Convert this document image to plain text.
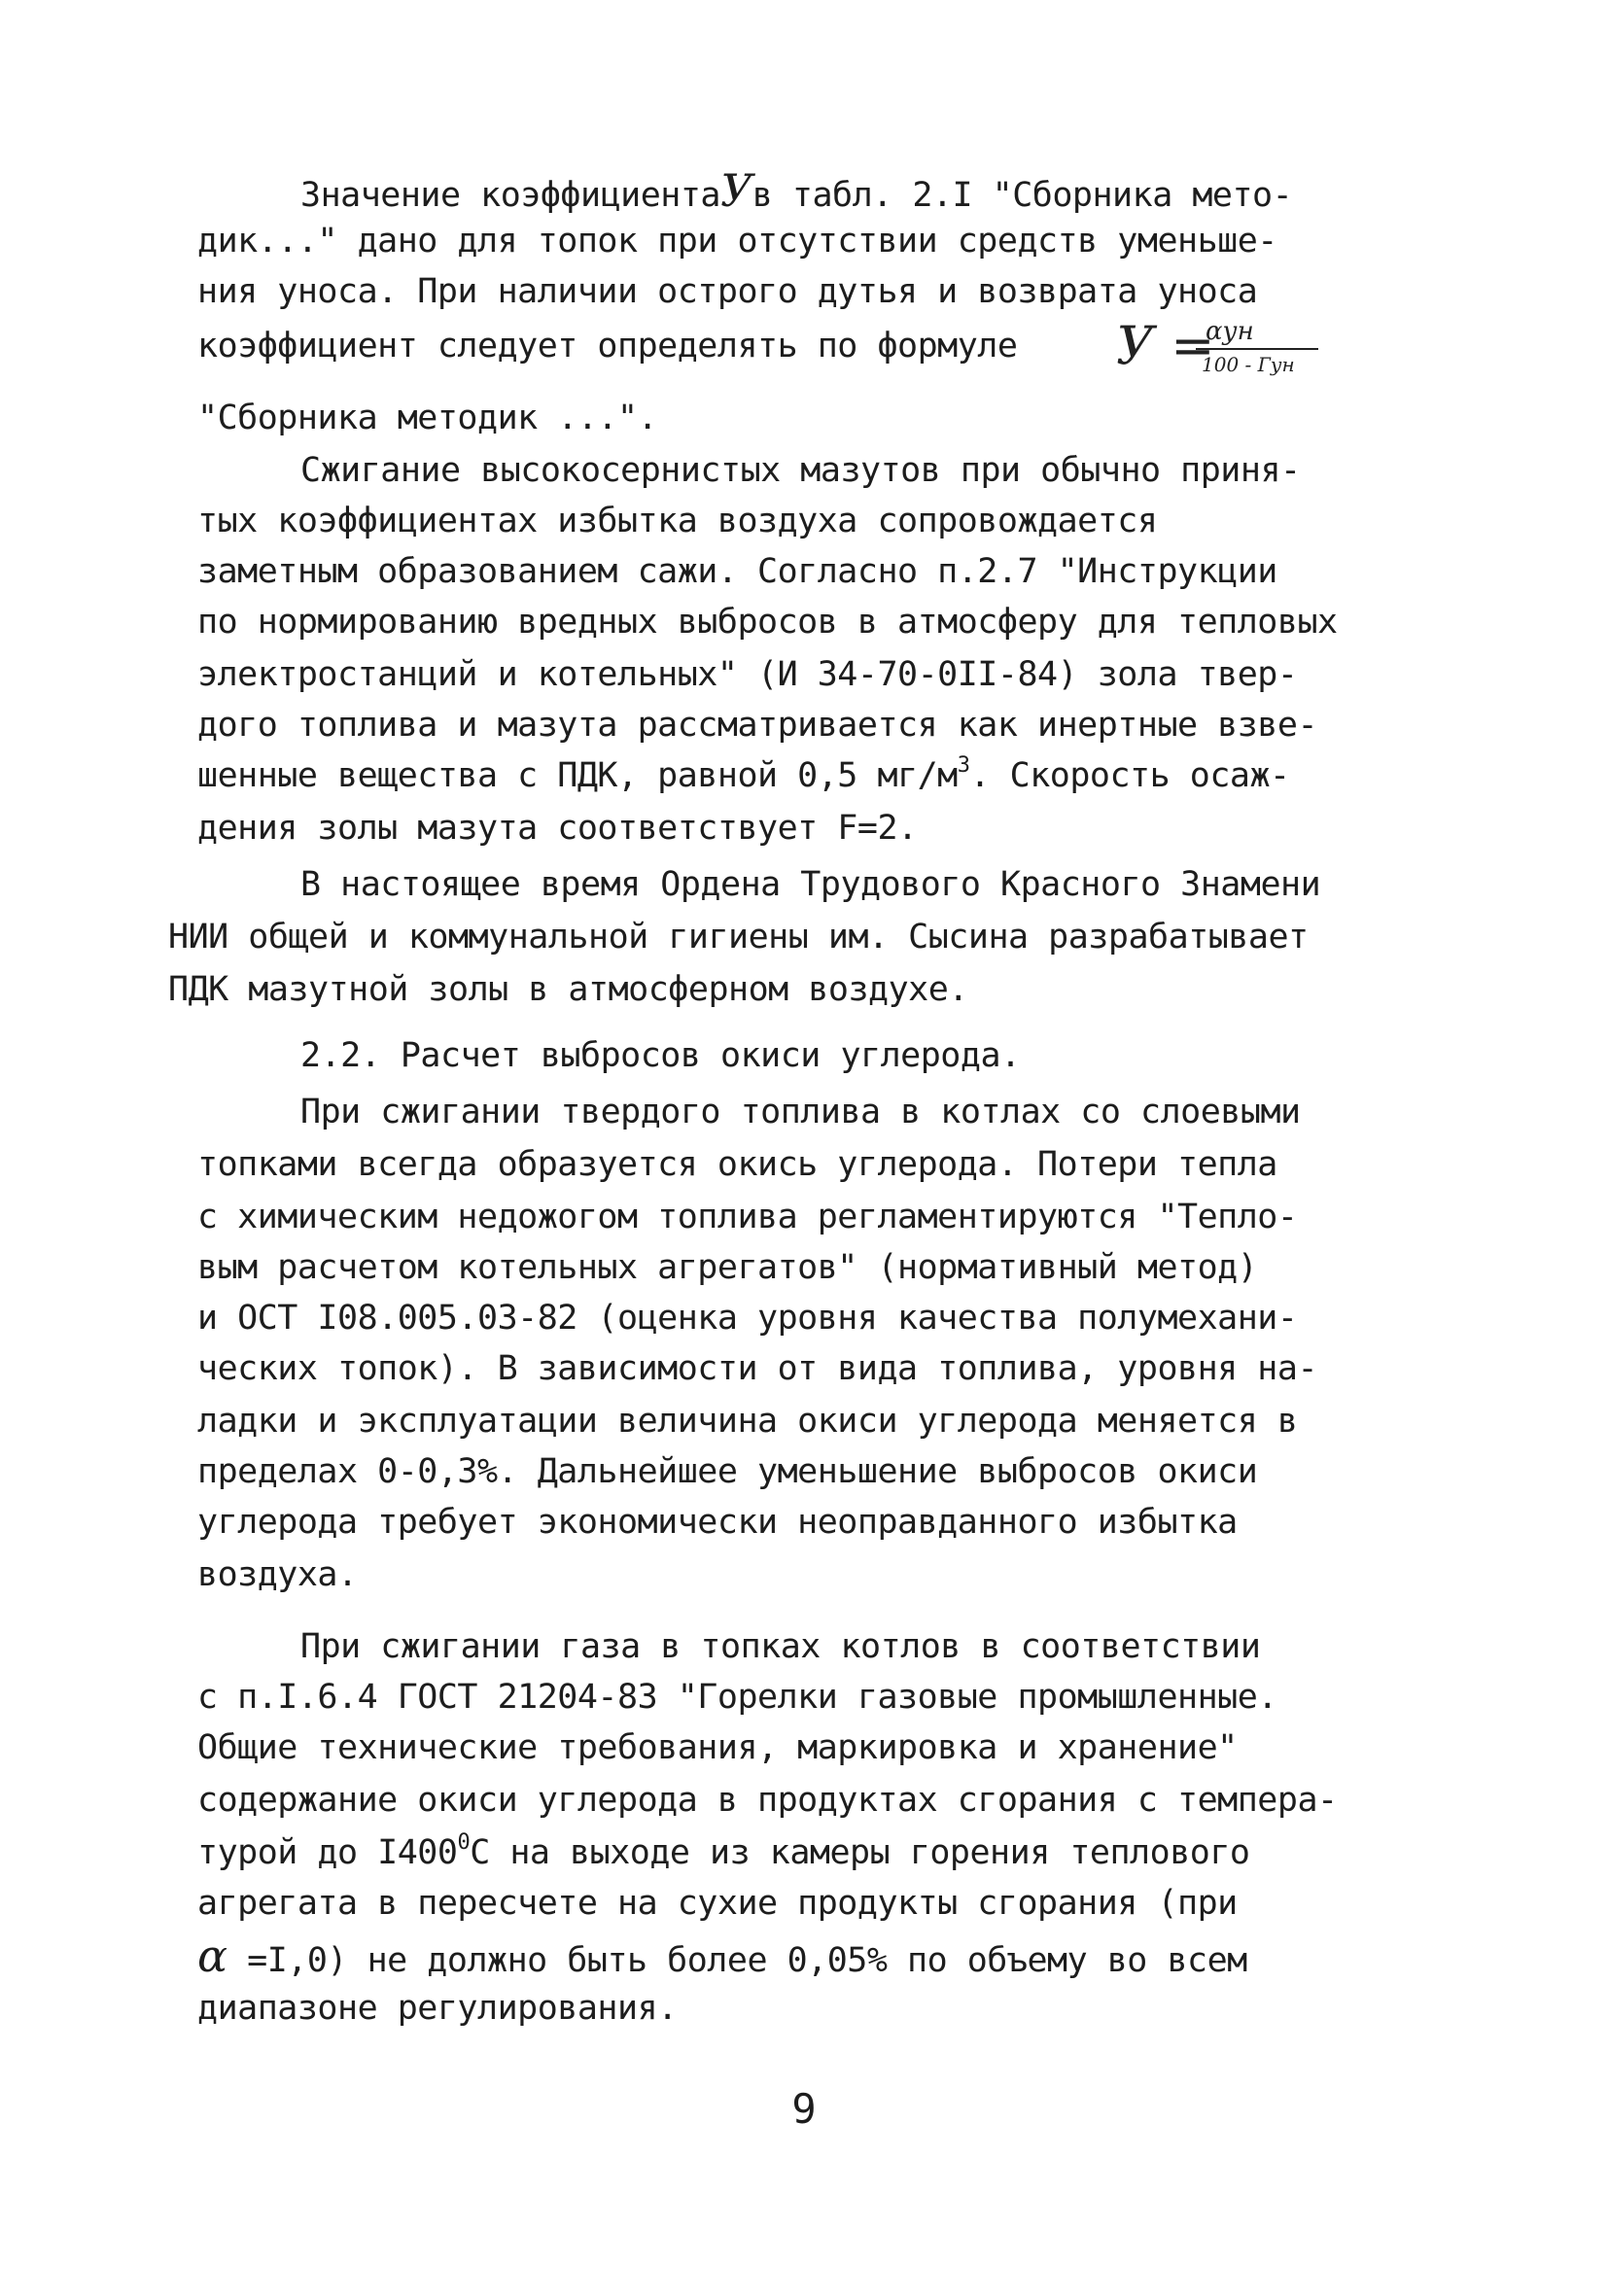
Значение коэффициентаУв табл. 2.I "Сборника мето-
дик..." дано для топок при отсутствии средств уменьше-
ния уноса. При наличии острого дутья и возврата уноса
коэффициент следует определять по формуле У =
αун
100 - Гун
"Сборника методик ...".
Сжигание высокосернистых мазутов при обычно приня-
тых коэффициентах избытка воздуха сопровождается
заметным образованием сажи. Согласно п.2.7 "Инструкции
по нормированию вредных выбросов в атмосферу для тепловых
электростанций и котельных" (И 34-70-0II-84) зола твер-
дого топлива и мазута рассматривается как инертные взве-
шенные вещества с ПДК, равной 0,5 $мг/м^3$. Скорость осаж-
дения золы мазута соответствует F=2.
В настоящее время Ордена Трудового Красного Знамени
НИИ общей и коммунальной гигиены им. Сысина разрабатывает
ПДК мазутной золы в атмосферном воздухе.
2.2. Расчет выбросов окиси углерода.
При сжигании твердого топлива в котлах со слоевыми
топками всегда образуется окись углерода. Потери тепла
с химическим недожогом топлива регламентируются "Тепло-
вым расчетом котельных агрегатов" (нормативный метод)
и ОСТ I08.005.03-82 (оценка уровня качества полумехани-
ческих топок). В зависимости от вида топлива, уровня на-
ладки и эксплуатации величина окиси углерода меняется в
пределах 0-0,3%. Дальнейшее уменьшение выбросов окиси
углерода требует экономически неоправданного избытка
воздуха.
При сжигании газа в топках котлов в соответствии
с п.I.6.4 ГОСТ 21204-83 "Горелки газовые промышленные.
Общие технические требования, маркировка и хранение"
содержание окиси углерода в продуктах сгорания с темпера-
турой до $I400^0С$ на выходе из камеры горения теплового
агрегата в пересчете на сухие продукты сгорания (при
α =I,0) не должно быть более 0,05% по объему во всем
диапазоне регулирования.
9
